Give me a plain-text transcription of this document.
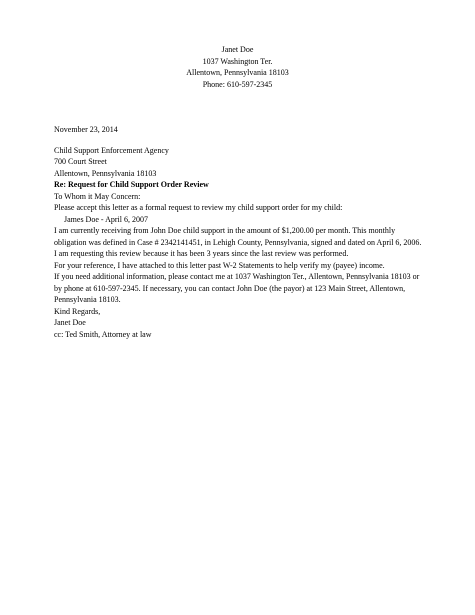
Janet Doe
1037 Washington Ter.
Allentown, Pennsylvania 18103
Phone: 610-597-2345

November 23, 2014

Child Support Enforcement Agency
700 Court Street
Allentown, Pennsylvania 18103

Re: Request for Child Support Order Review

To Whom it May Concern:

Please accept this letter as a formal request to review my child support order for my child:

James Doe - April 6, 2007

I am currently receiving from John Doe child support in the amount of $1,200.00 per month. This monthly obligation was defined in Case # 2342141451, in Lehigh County, Pennsylvania, signed and dated on April 6, 2006. I am requesting this review because it has been 3 years since the last review was performed.

For your reference, I have attached to this letter past W-2 Statements to help verify my (payee) income.

If you need additional information, please contact me at 1037 Washington Ter., Allentown, Pennsylvania 18103 or by phone at 610-597-2345. If necessary, you can contact John Doe (the payor) at 123 Main Street, Allentown, Pennsylvania 18103.

Kind Regards,

Janet Doe

cc: Ted Smith, Attorney at law
